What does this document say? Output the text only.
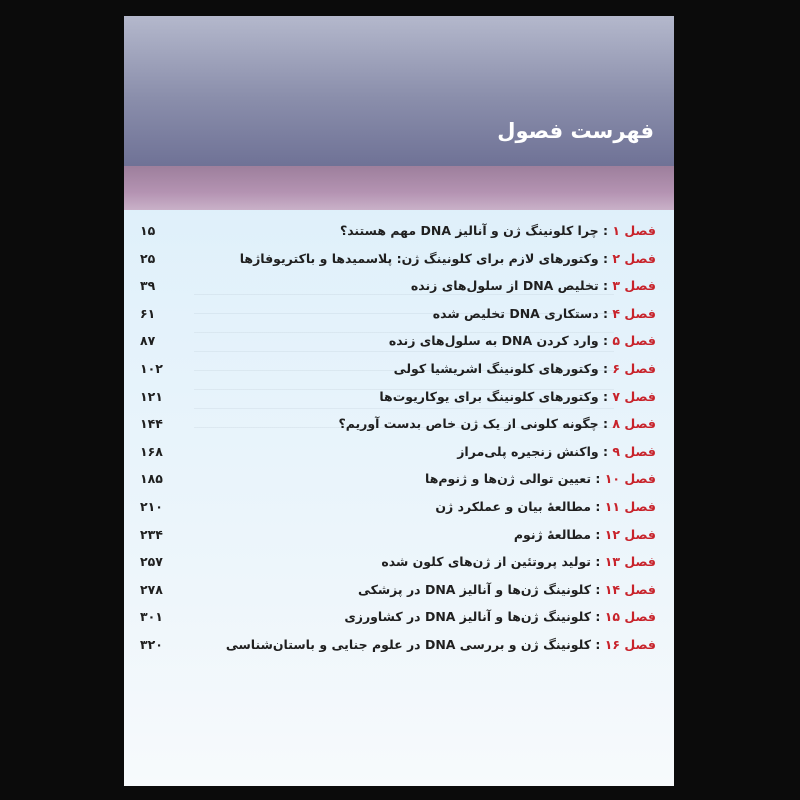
فهرست فصول
فصل ۱ : چرا کلونینگ ژن و آنالیز DNA مهم هستند؟
۱۵
فصل ۲ : وکتورهای لازم برای کلونینگ ژن: پلاسمیدها و باکتریوفاژها
۲۵
فصل ۳ : تخلیص DNA از سلول‌های زنده
۳۹
فصل ۴ : دستکاری DNA تخلیص شده
۶۱
فصل ۵ : وارد کردن DNA به سلول‌های زنده
۸۷
فصل ۶ : وکتورهای کلونینگ اشریشیا کولی
۱۰۲
فصل ۷ : وکتورهای کلونینگ برای یوکاریوت‌ها
۱۲۱
فصل ۸ : چگونه کلونی از یک ژن خاص بدست آوریم؟
۱۴۴
فصل ۹ : واکنش زنجیره پلی‌مراز
۱۶۸
فصل ۱۰ : تعیین توالی ژن‌ها و ژنوم‌ها
۱۸۵
فصل ۱۱ : مطالعهٔ بیان و عملکرد ژن
۲۱۰
فصل ۱۲ : مطالعهٔ ژنوم
۲۳۴
فصل ۱۳ : تولید پروتئین از ژن‌های کلون شده
۲۵۷
فصل ۱۴ : کلونینگ ژن‌ها و آنالیز DNA در پزشکی
۲۷۸
فصل ۱۵ : کلونینگ ژن‌ها و آنالیز DNA در کشاورزی
۳۰۱
فصل ۱۶ : کلونینگ ژن و بررسی DNA در علوم جنایی و باستان‌شناسی
۳۲۰
